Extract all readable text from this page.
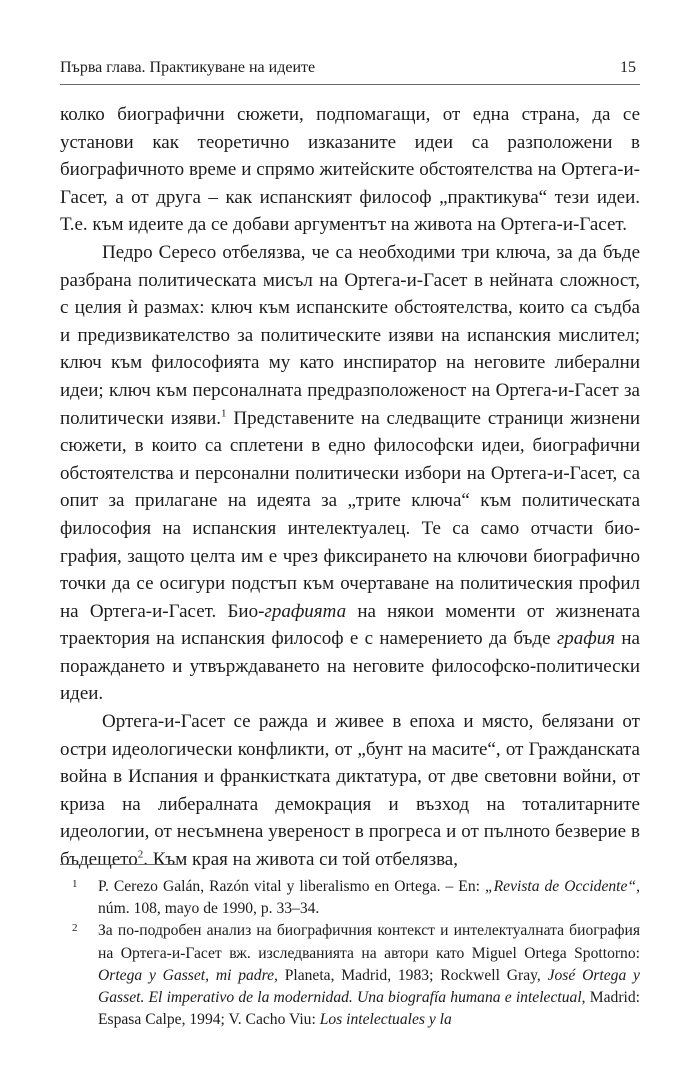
Първа глава. Практикуване на идеите	15

колко биографични сюжети, подпомагащи, от една страна, да се установи как теоретично изказаните идеи са разположени в биографичното време и спрямо житейските обстоятелства на Ортега-и-Гасет, а от друга – как испанският философ „практикува“ тези идеи. Т.е. към идеите да се добави аргументът на живота на Ортега-и-Гасет.

Педро Сересо отбелязва, че са необходими три ключа, за да бъде разбрана политическата мисъл на Ортега-и-Гасет в нейната сложност, с целия ѝ размах: ключ към испанските обстоятелства, които са съдба и предизвикателство за политическите изяви на испанския мислител; ключ към философията му като инспиратор на неговите либерални идеи; ключ към персоналната предразположеност на Ортега-и-Гасет за политически изяви.$^1$ Представените на следващите страници жизнени сюжети, в които са сплетени в едно философски идеи, биографични обстоятелства и персонални политически избори на Ортега-и-Гасет, са опит за прилагане на идеята за „трите ключа“ към политическата философия на испанския интелектуалец. Те са само отчасти био-графия, защото целта им е чрез фиксирането на ключови биографично точки да се осигури подстъп към очертаване на политическия профил на Ортега-и-Гасет. Био-графията на някои моменти от жизнената траектория на испанския философ е с намерението да бъде графия на пораждането и утвърждаването на неговите философско-политически идеи.

Ортега-и-Гасет се ражда и живее в епоха и място, белязани от остри идеологически конфликти, от „бунт на масите“, от Гражданската война в Испания и франкистката диктатура, от две световни войни, от криза на либералната демокрация и възход на тоталитарните идеологии, от несъмнена увереност в прогреса и от пълното безверие в бъдещето$^2$. Към края на живота си той отбелязва,

1 P. Cerezo Galán, Razón vital y liberalismo en Ortega. – En: „Revista de Occidente“, núm. 108, mayo de 1990, p. 33–34.

2 За по-подробен анализ на биографичния контекст и интелектуалната биография на Ортега-и-Гасет вж. изследванията на автори като Miguel Ortega Spottorno: Ortega y Gasset, mi padre, Planeta, Madrid, 1983; Rockwell Gray, José Ortega y Gasset. El imperativo de la modernidad. Una biografía humana e intelectual, Madrid: Espasa Calpe, 1994; V. Cacho Viu: Los intelectuales y la
